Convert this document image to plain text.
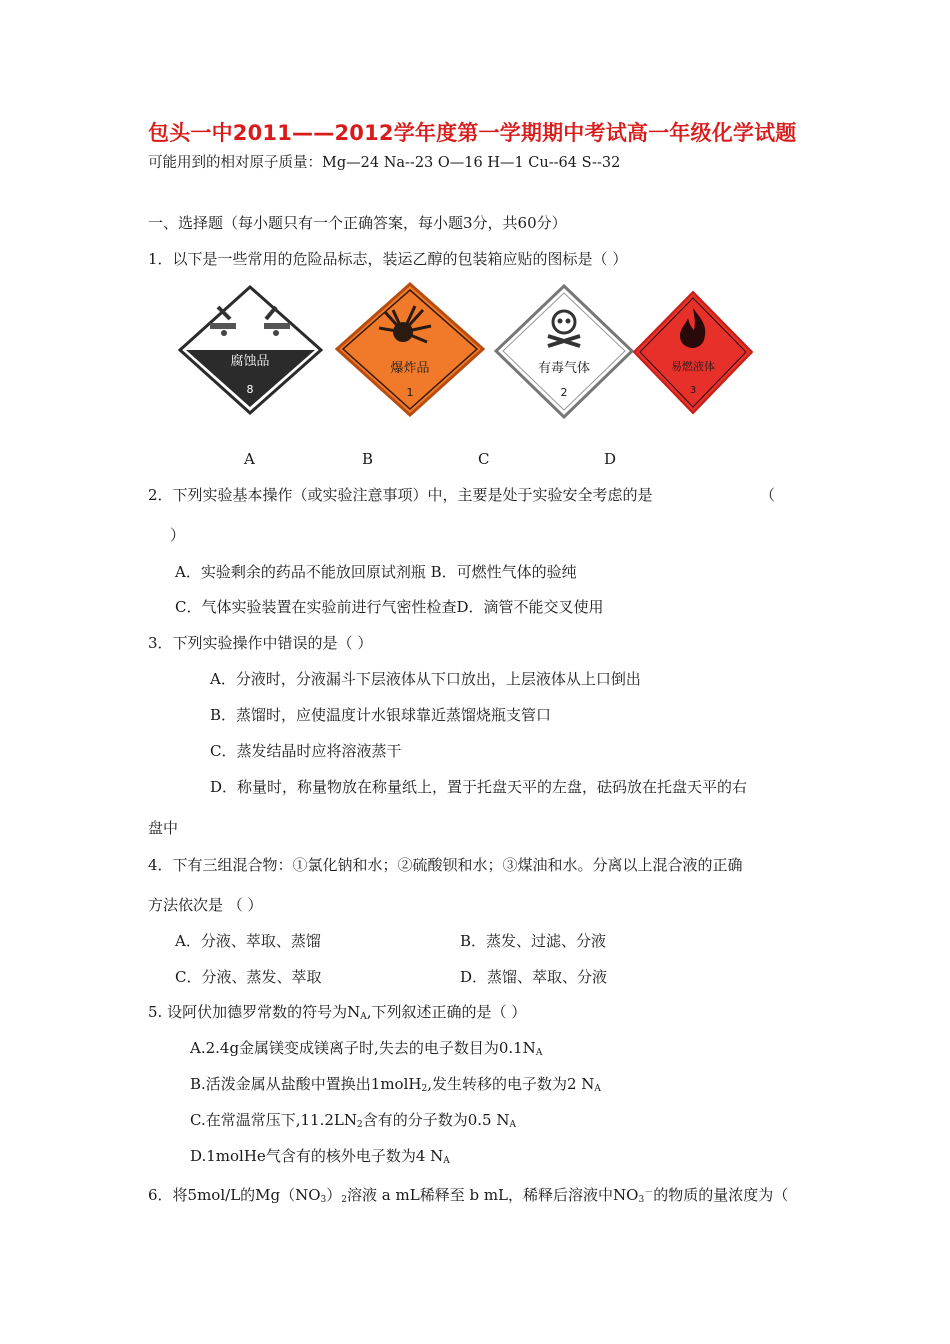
包头一中2011——2012学年度第一学期期中考试高一年级化学试题
可能用到的相对原子质量：Mg—24 Na--23 O—16 H—1 Cu--64 S--32
一、选择题（每小题只有一个正确答案，每小题3分，共60分）
1．以下是一些常用的危险品标志，装运乙醇的包装箱应贴的图标是（ ）
腐蚀品
8
爆炸品
1
有毒气体
2
易燃液体
3
A	B	C	D
2．下列实验基本操作（或实验注意事项）中，主要是处于实验安全考虑的是	（
）
A．实验剩余的药品不能放回原试剂瓶 B．可燃性气体的验纯
C．气体实验装置在实验前进行气密性检查D．滴管不能交叉使用
3．下列实验操作中错误的是（ ）
A．分液时，分液漏斗下层液体从下口放出，上层液体从上口倒出
B．蒸馏时，应使温度计水银球靠近蒸馏烧瓶支管口
C．蒸发结晶时应将溶液蒸干
D．称量时，称量物放在称量纸上，置于托盘天平的左盘，砝码放在托盘天平的右
盘中
4．下有三组混合物：①氯化钠和水；②硫酸钡和水；③煤油和水。分离以上混合液的正确
方法依次是 （ ）
A．分液、萃取、蒸馏	B．蒸发、过滤、分液
C．分液、蒸发、萃取	D．蒸馏、萃取、分液
5. 设阿伏加德罗常数的符号为$N_A$,下列叙述正确的是（ ）
A.2.4g金属镁变成镁离子时,失去的电子数目为$0.1N_A$
B.活泼金属从盐酸中置换出1molH$_2$,发生转移的电子数为2 $N_A$
C.在常温常压下$,11.2LN_2$含有的分子数为0.5 $N_A$
D.1molHe气含有的核外电子数为4 $N_A$
6．将5mol/L的$Mg(NO_3)_2$溶液 a mL稀释至 b mL，稀释后溶液中$NO_3^-$的物质的量浓度为（
